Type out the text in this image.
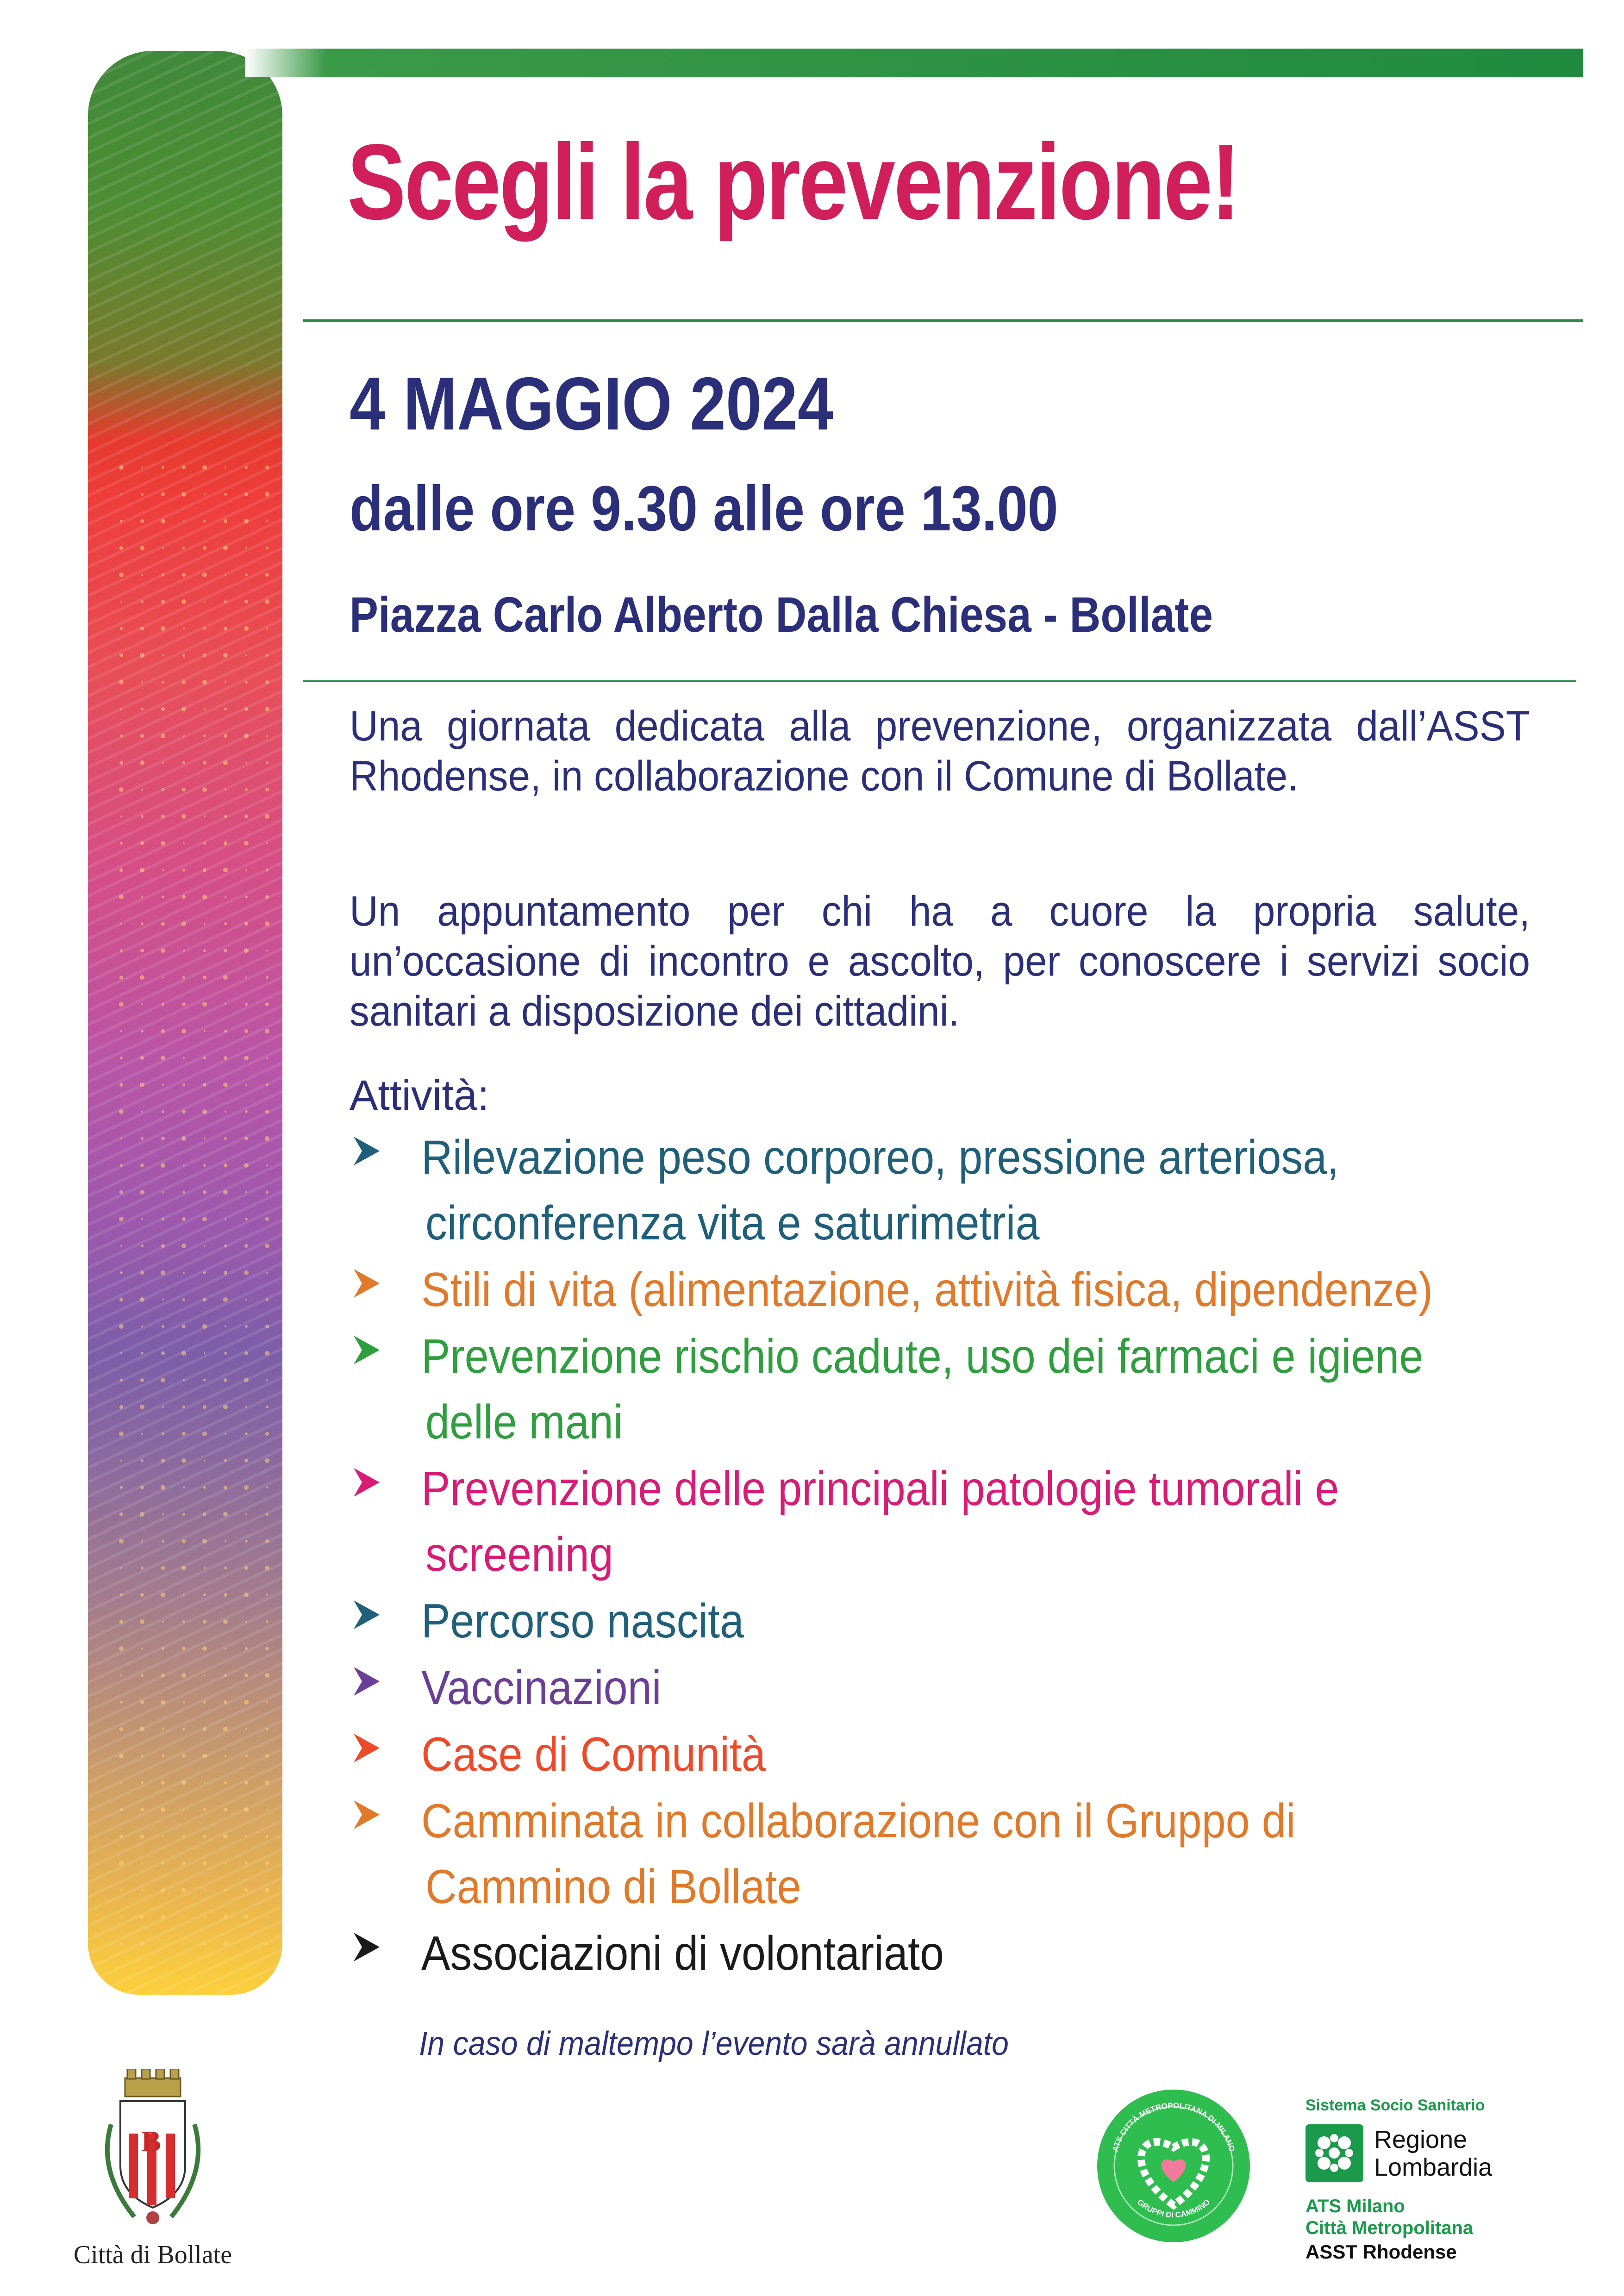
Scegli la prevenzione!
4 MAGGIO 2024
dalle ore 9.30 alle ore 13.00
Piazza Carlo Alberto Dalla Chiesa - Bollate
Una giornata dedicata alla prevenzione, organizzata dall’ASST Rhodense, in collaborazione con il Comune di Bollate.
Un appuntamento per chi ha a cuore la propria salute, un’occasione di incontro e ascolto, per conoscere i servizi socio sanitari a disposizione dei cittadini.
Attività:
Rilevazione peso corporeo, pressione arteriosa,
circonferenza vita e saturimetria
Stili di vita (alimentazione, attività fisica, dipendenze)
Prevenzione rischio cadute, uso dei farmaci e igiene
delle mani
Prevenzione delle principali patologie tumorali e
screening
Percorso nascita
Vaccinazioni
Case di Comunità
Camminata in collaborazione con il Gruppo di
Cammino di Bollate
Associazioni di volontariato
In caso di maltempo l’evento sarà annullato
B
Città di Bollate
ATS CITTÀ METROPOLITANA DI MILANO
GRUPPI DI CAMMINO
Sistema Socio Sanitario
Regione
Lombardia
ATS Milano
Città Metropolitana
ASST Rhodense
